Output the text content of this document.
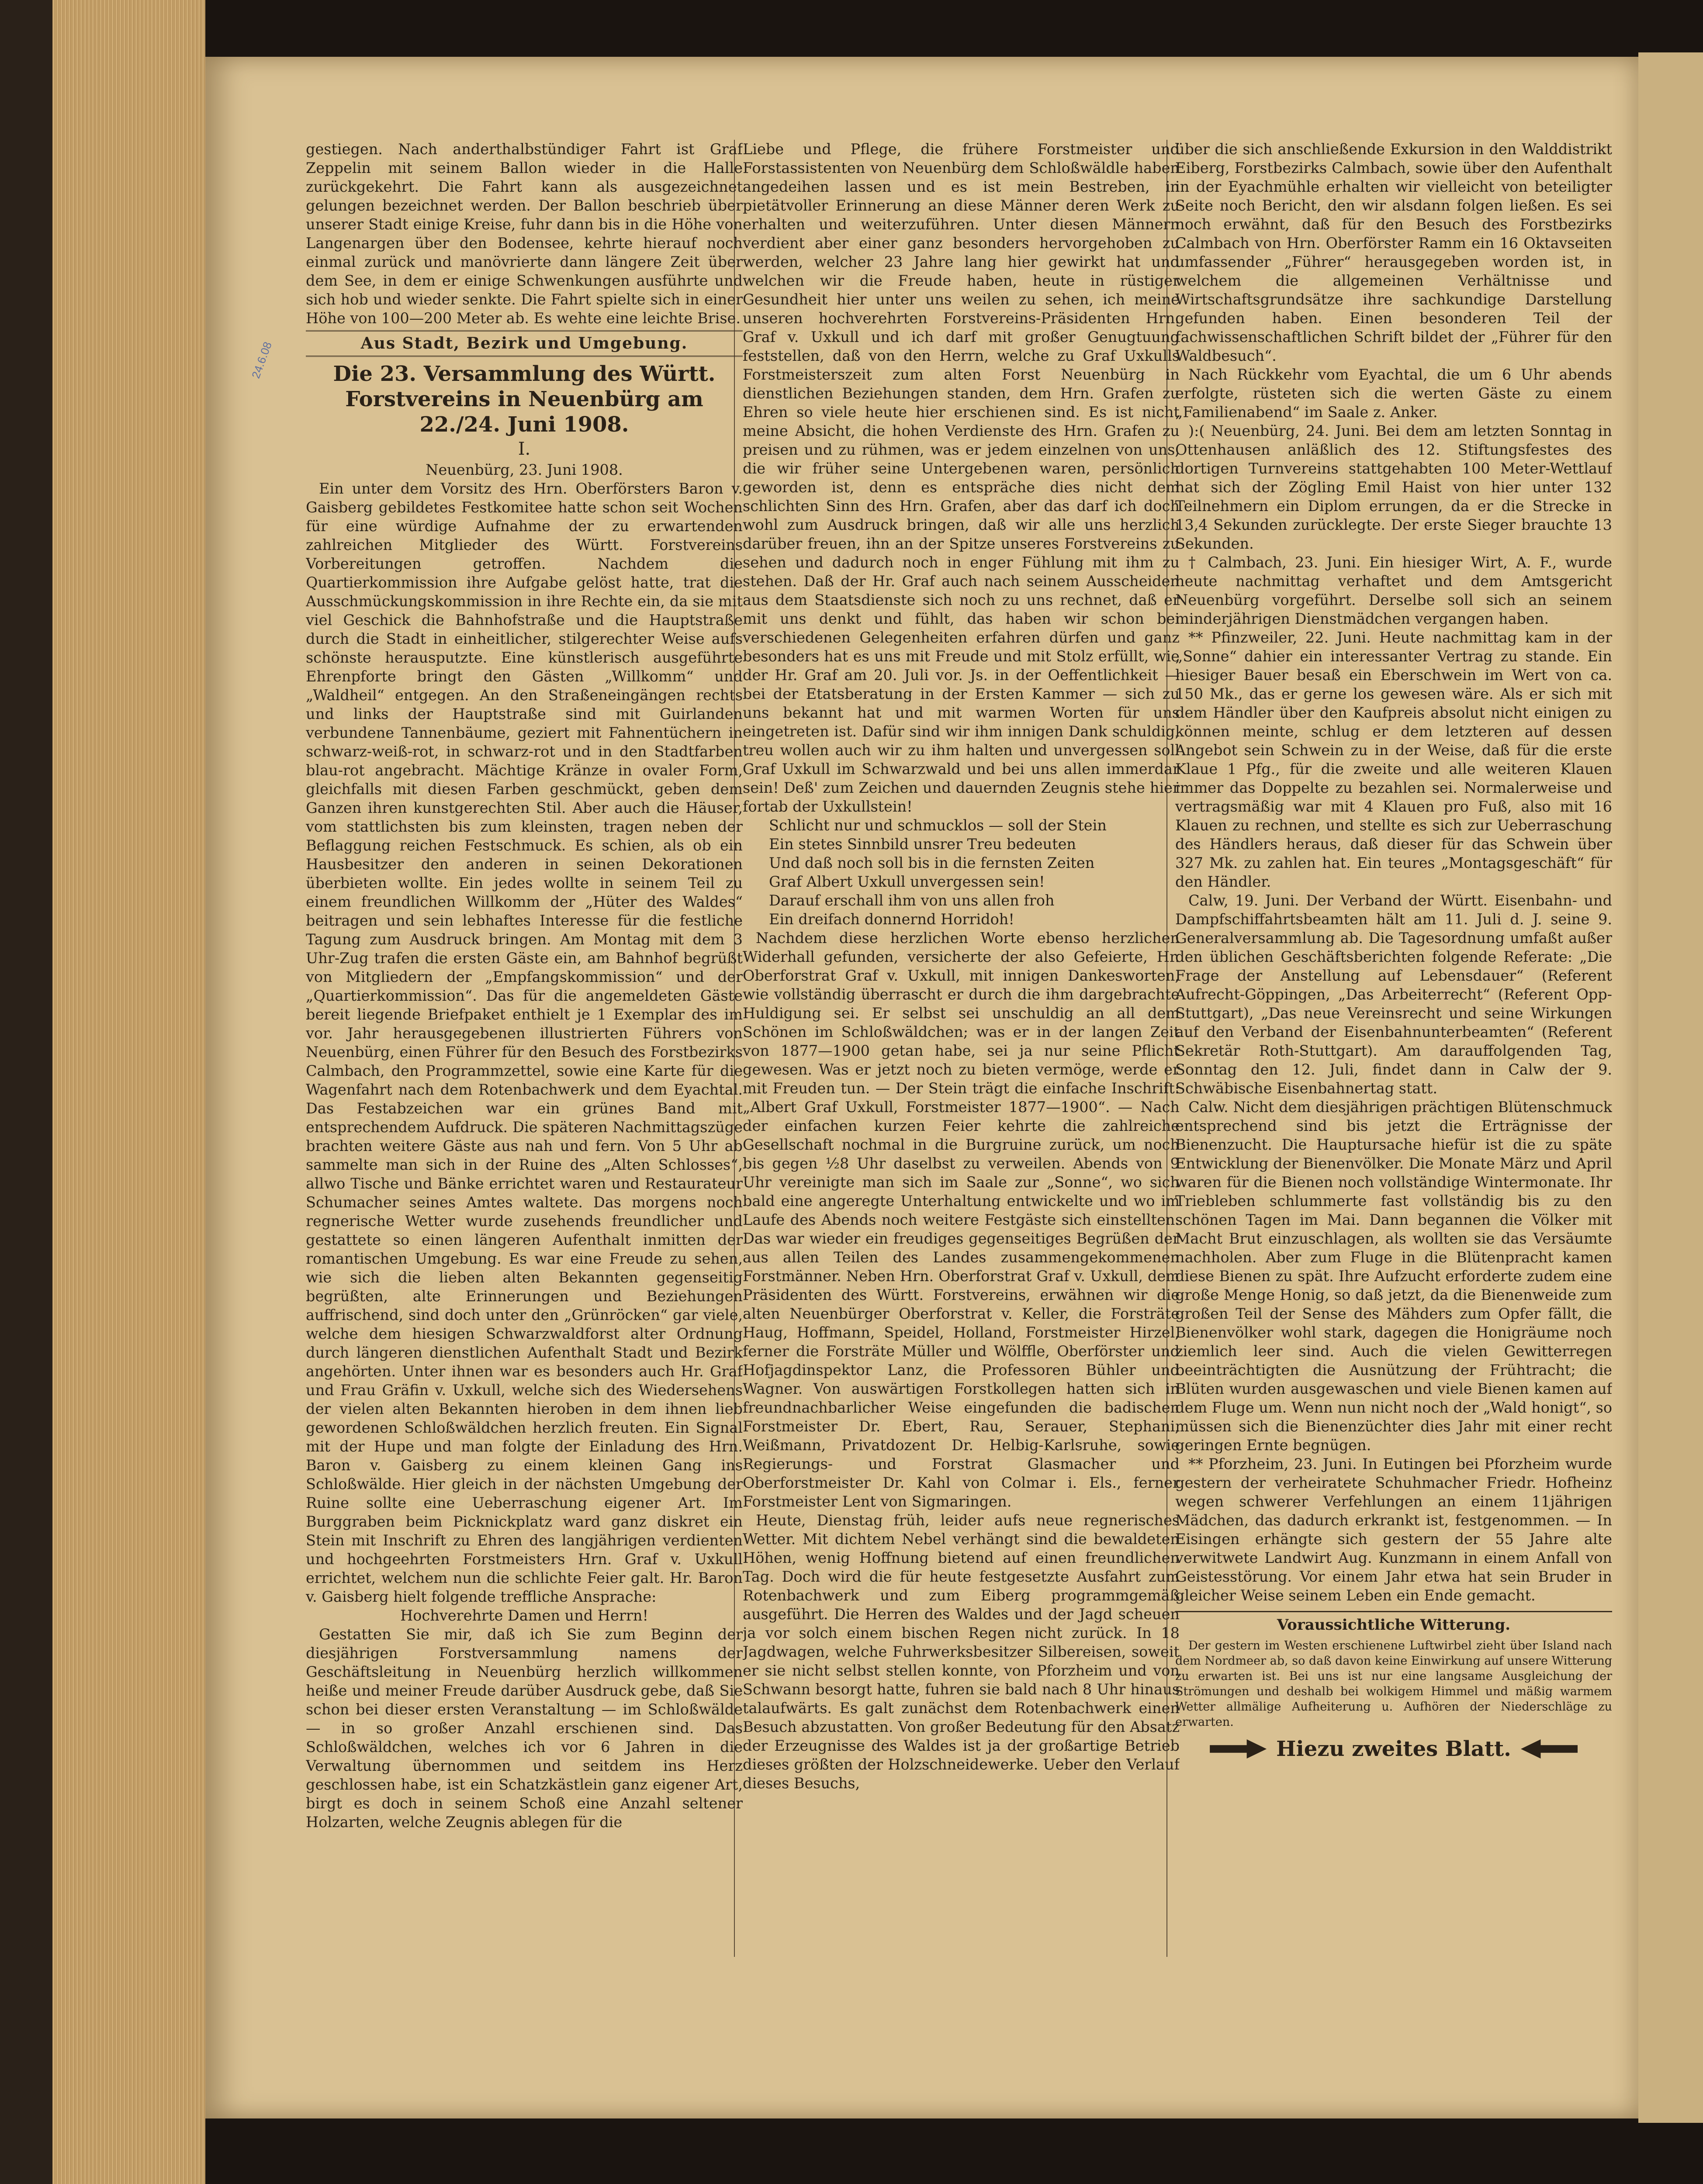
24.6.08

gestiegen. Nach anderthalbstündiger Fahrt ist Graf Zeppelin mit seinem Ballon wieder in die Halle zurückgekehrt. Die Fahrt kann als ausgezeichnet gelungen bezeichnet werden. Der Ballon beschrieb über unserer Stadt einige Kreise, fuhr dann bis in die Höhe von Langenargen über den Bodensee, kehrte hierauf noch einmal zurück und manövrierte dann längere Zeit über dem See, in dem er einige Schwenkungen ausführte und sich hob und wieder senkte. Die Fahrt spielte sich in einer Höhe von 100—200 Meter ab. Es wehte eine leichte Brise.

Aus Stadt, Bezirk und Umgebung.
Die 23. Versammlung des Württ. Forstvereins in Neuenbürg am 22./24. Juni 1908.
I.

Neuenbürg, 23. Juni 1908.

Ein unter dem Vorsitz des Hrn. Oberförsters Baron v. Gaisberg gebildetes Festkomitee hatte schon seit Wochen für eine würdige Aufnahme der zu erwartenden zahlreichen Mitglieder des Württ. Forstvereins Vorbereitungen getroffen. Nachdem die Quartierkommission ihre Aufgabe gelöst hatte, trat die Ausschmückungskommission in ihre Rechte ein, da sie mit viel Geschick die Bahnhofstraße und die Hauptstraße durch die Stadt in einheitlicher, stilgerechter Weise aufs schönste herausputzte. Eine künstlerisch ausgeführte Ehrenpforte bringt den Gästen „Willkomm“ und „Waldheil“ entgegen. An den Straßeneingängen rechts und links der Hauptstraße sind mit Guirlanden verbundene Tannenbäume, geziert mit Fahnentüchern in schwarz-weiß-rot, in schwarz-rot und in den Stadtfarben blau-rot angebracht. Mächtige Kränze in ovaler Form, gleichfalls mit diesen Farben geschmückt, geben dem Ganzen ihren kunstgerechten Stil. Aber auch die Häuser, vom stattlichsten bis zum kleinsten, tragen neben der Beflaggung reichen Festschmuck. Es schien, als ob ein Hausbesitzer den anderen in seinen Dekorationen überbieten wollte. Ein jedes wollte in seinem Teil zu einem freundlichen Willkomm der „Hüter des Waldes“ beitragen und sein lebhaftes Interesse für die festliche Tagung zum Ausdruck bringen. Am Montag mit dem 3 Uhr-Zug trafen die ersten Gäste ein, am Bahnhof begrüßt von Mitgliedern der „Empfangskommission“ und der „Quartierkommission“. Das für die angemeldeten Gäste bereit liegende Briefpaket enthielt je 1 Exemplar des im vor. Jahr herausgegebenen illustrierten Führers von Neuenbürg, einen Führer für den Besuch des Forstbezirks Calmbach, den Programmzettel, sowie eine Karte für die Wagenfahrt nach dem Rotenbachwerk und dem Eyachtal. Das Festabzeichen war ein grünes Band mit entsprechendem Aufdruck. Die späteren Nachmittagszüge brachten weitere Gäste aus nah und fern. Von 5 Uhr ab sammelte man sich in der Ruine des „Alten Schlosses“, allwo Tische und Bänke errichtet waren und Restaurateur Schumacher seines Amtes waltete. Das morgens noch regnerische Wetter wurde zusehends freundlicher und gestattete so einen längeren Aufenthalt inmitten der romantischen Umgebung. Es war eine Freude zu sehen, wie sich die lieben alten Bekannten gegenseitig begrüßten, alte Erinnerungen und Beziehungen auffrischend, sind doch unter den „Grünröcken“ gar viele, welche dem hiesigen Schwarzwaldforst alter Ordnung durch längeren dienstlichen Aufenthalt Stadt und Bezirk angehörten. Unter ihnen war es besonders auch Hr. Graf und Frau Gräfin v. Uxkull, welche sich des Wiedersehens der vielen alten Bekannten hieroben in dem ihnen lieb gewordenen Schloßwäldchen herzlich freuten. Ein Signal mit der Hupe und man folgte der Einladung des Hrn. Baron v. Gaisberg zu einem kleinen Gang ins Schloßwälde. Hier gleich in der nächsten Umgebung der Ruine sollte eine Ueberraschung eigener Art. Im Burggraben beim Picknickplatz ward ganz diskret ein Stein mit Inschrift zu Ehren des langjährigen verdienten und hochgeehrten Forstmeisters Hrn. Graf v. Uxkull errichtet, welchem nun die schlichte Feier galt. Hr. Baron v. Gaisberg hielt folgende treffliche Ansprache:

Hochverehrte Damen und Herrn!

Gestatten Sie mir, daß ich Sie zum Beginn der diesjährigen Forstversammlung namens der Geschäftsleitung in Neuenbürg herzlich willkommen heiße und meiner Freude darüber Ausdruck gebe, daß Sie schon bei dieser ersten Veranstaltung — im Schloßwälde — in so großer Anzahl erschienen sind. Das Schloßwäldchen, welches ich vor 6 Jahren in die Verwaltung übernommen und seitdem ins Herz geschlossen habe, ist ein Schatzkästlein ganz eigener Art, birgt es doch in seinem Schoß eine Anzahl seltener Holzarten, welche Zeugnis ablegen für die

Liebe und Pflege, die frühere Forstmeister und Forstassistenten von Neuenbürg dem Schloßwäldle haben angedeihen lassen und es ist mein Bestreben, in pietätvoller Erinnerung an diese Männer deren Werk zu erhalten und weiterzuführen. Unter diesen Männern verdient aber einer ganz besonders hervorgehoben zu werden, welcher 23 Jahre lang hier gewirkt hat und welchen wir die Freude haben, heute in rüstiger Gesundheit hier unter uns weilen zu sehen, ich meine unseren hochverehrten Forstvereins-Präsidenten Hrn. Graf v. Uxkull und ich darf mit großer Genugtuung feststellen, daß von den Herrn, welche zu Graf Uxkulls Forstmeisterszeit zum alten Forst Neuenbürg in dienstlichen Beziehungen standen, dem Hrn. Grafen zu Ehren so viele heute hier erschienen sind. Es ist nicht meine Absicht, die hohen Verdienste des Hrn. Grafen zu preisen und zu rühmen, was er jedem einzelnen von uns, die wir früher seine Untergebenen waren, persönlich geworden ist, denn es entspräche dies nicht dem schlichten Sinn des Hrn. Grafen, aber das darf ich doch wohl zum Ausdruck bringen, daß wir alle uns herzlich darüber freuen, ihn an der Spitze unseres Forstvereins zu sehen und dadurch noch in enger Fühlung mit ihm zu stehen. Daß der Hr. Graf auch nach seinem Ausscheiden aus dem Staatsdienste sich noch zu uns rechnet, daß er mit uns denkt und fühlt, das haben wir schon bei verschiedenen Gelegenheiten erfahren dürfen und ganz besonders hat es uns mit Freude und mit Stolz erfüllt, wie der Hr. Graf am 20. Juli vor. Js. in der Oeffentlichkeit — bei der Etatsberatung in der Ersten Kammer — sich zu uns bekannt hat und mit warmen Worten für uns eingetreten ist. Dafür sind wir ihm innigen Dank schuldig, treu wollen auch wir zu ihm halten und unvergessen soll Graf Uxkull im Schwarzwald und bei uns allen immerdar sein! Deß' zum Zeichen und dauernden Zeugnis stehe hier fortab der Uxkullstein!

Schlicht nur und schmucklos — soll der Stein

Ein stetes Sinnbild unsrer Treu bedeuten

Und daß noch soll bis in die fernsten Zeiten

Graf Albert Uxkull unvergessen sein!

Darauf erschall ihm von uns allen froh

Ein dreifach donnernd Horridoh!

Nachdem diese herzlichen Worte ebenso herzlichen Widerhall gefunden, versicherte der also Gefeierte, Hr. Oberforstrat Graf v. Uxkull, mit innigen Dankesworten, wie vollständig überrascht er durch die ihm dargebrachte Huldigung sei. Er selbst sei unschuldig an all dem Schönen im Schloßwäldchen; was er in der langen Zeit von 1877—1900 getan habe, sei ja nur seine Pflicht gewesen. Was er jetzt noch zu bieten vermöge, werde er mit Freuden tun. — Der Stein trägt die einfache Inschrift: „Albert Graf Uxkull, Forstmeister 1877—1900“. — Nach der einfachen kurzen Feier kehrte die zahlreiche Gesellschaft nochmal in die Burgruine zurück, um noch bis gegen ½8 Uhr daselbst zu verweilen. Abends von 9 Uhr vereinigte man sich im Saale zur „Sonne“, wo sich bald eine angeregte Unterhaltung entwickelte und wo im Laufe des Abends noch weitere Festgäste sich einstellten. Das war wieder ein freudiges gegenseitiges Begrüßen der aus allen Teilen des Landes zusammengekommenen Forstmänner. Neben Hrn. Oberforstrat Graf v. Uxkull, dem Präsidenten des Württ. Forstvereins, erwähnen wir die alten Neuenbürger Oberforstrat v. Keller, die Forsträte Haug, Hoffmann, Speidel, Holland, Forstmeister Hirzel, ferner die Forsträte Müller und Wölffle, Oberförster und Hofjagdinspektor Lanz, die Professoren Bühler und Wagner. Von auswärtigen Forstkollegen hatten sich in freundnachbarlicher Weise eingefunden die badischen Forstmeister Dr. Ebert, Rau, Serauer, Stephani, Weißmann, Privatdozent Dr. Helbig-Karlsruhe, sowie Regierungs- und Forstrat Glasmacher und Oberforstmeister Dr. Kahl von Colmar i. Els., ferner Forstmeister Lent von Sigmaringen.

Heute, Dienstag früh, leider aufs neue regnerisches Wetter. Mit dichtem Nebel verhängt sind die bewaldeten Höhen, wenig Hoffnung bietend auf einen freundlichen Tag. Doch wird die für heute festgesetzte Ausfahrt zum Rotenbachwerk und zum Eiberg programmgemäß ausgeführt. Die Herren des Waldes und der Jagd scheuen ja vor solch einem bischen Regen nicht zurück. In 18 Jagdwagen, welche Fuhrwerksbesitzer Silbereisen, soweit er sie nicht selbst stellen konnte, von Pforzheim und von Schwann besorgt hatte, fuhren sie bald nach 8 Uhr hinaus talaufwärts. Es galt zunächst dem Rotenbachwerk einen Besuch abzustatten. Von großer Bedeutung für den Absatz der Erzeugnisse des Waldes ist ja der großartige Betrieb dieses größten der Holzschneidewerke. Ueber den Verlauf dieses Besuchs,

über die sich anschließende Exkursion in den Walddistrikt Eiberg, Forstbezirks Calmbach, sowie über den Aufenthalt in der Eyachmühle erhalten wir vielleicht von beteiligter Seite noch Bericht, den wir alsdann folgen ließen. Es sei noch erwähnt, daß für den Besuch des Forstbezirks Calmbach von Hrn. Oberförster Ramm ein 16 Oktavseiten umfassender „Führer“ herausgegeben worden ist, in welchem die allgemeinen Verhältnisse und Wirtschaftsgrundsätze ihre sachkundige Darstellung gefunden haben. Einen besonderen Teil der fachwissenschaftlichen Schrift bildet der „Führer für den Waldbesuch“.

Nach Rückkehr vom Eyachtal, die um 6 Uhr abends erfolgte, rüsteten sich die werten Gäste zu einem „Familienabend“ im Saale z. Anker.

):( Neuenbürg, 24. Juni. Bei dem am letzten Sonntag in Ottenhausen anläßlich des 12. Stiftungsfestes des dortigen Turnvereins stattgehabten 100 Meter-Wettlauf hat sich der Zögling Emil Haist von hier unter 132 Teilnehmern ein Diplom errungen, da er die Strecke in 13,4 Sekunden zurücklegte. Der erste Sieger brauchte 13 Sekunden.

† Calmbach, 23. Juni. Ein hiesiger Wirt, A. F., wurde heute nachmittag verhaftet und dem Amtsgericht Neuenbürg vorgeführt. Derselbe soll sich an seinem minderjährigen Dienstmädchen vergangen haben.

** Pfinzweiler, 22. Juni. Heute nachmittag kam in der „Sonne“ dahier ein interessanter Vertrag zu stande. Ein hiesiger Bauer besaß ein Eberschwein im Wert von ca. 150 Mk., das er gerne los gewesen wäre. Als er sich mit dem Händler über den Kaufpreis absolut nicht einigen zu können meinte, schlug er dem letzteren auf dessen Angebot sein Schwein zu in der Weise, daß für die erste Klaue 1 Pfg., für die zweite und alle weiteren Klauen immer das Doppelte zu bezahlen sei. Normalerweise und vertragsmäßig war mit 4 Klauen pro Fuß, also mit 16 Klauen zu rechnen, und stellte es sich zur Ueberraschung des Händlers heraus, daß dieser für das Schwein über 327 Mk. zu zahlen hat. Ein teures „Montagsgeschäft“ für den Händler.

Calw, 19. Juni. Der Verband der Württ. Eisenbahn- und Dampfschiffahrtsbeamten hält am 11. Juli d. J. seine 9. Generalversammlung ab. Die Tagesordnung umfaßt außer den üblichen Geschäftsberichten folgende Referate: „Die Frage der Anstellung auf Lebensdauer“ (Referent Aufrecht-Göppingen, „Das Arbeiterrecht“ (Referent Opp-Stuttgart), „Das neue Vereinsrecht und seine Wirkungen auf den Verband der Eisenbahnunterbeamten“ (Referent Sekretär Roth-Stuttgart). Am darauffolgenden Tag, Sonntag den 12. Juli, findet dann in Calw der 9. Schwäbische Eisenbahnertag statt.

Calw. Nicht dem diesjährigen prächtigen Blütenschmuck entsprechend sind bis jetzt die Erträgnisse der Bienenzucht. Die Hauptursache hiefür ist die zu späte Entwicklung der Bienenvölker. Die Monate März und April waren für die Bienen noch vollständige Wintermonate. Ihr Triebleben schlummerte fast vollständig bis zu den schönen Tagen im Mai. Dann begannen die Völker mit Macht Brut einzuschlagen, als wollten sie das Versäumte nachholen. Aber zum Fluge in die Blütenpracht kamen diese Bienen zu spät. Ihre Aufzucht erforderte zudem eine große Menge Honig, so daß jetzt, da die Bienenweide zum großen Teil der Sense des Mähders zum Opfer fällt, die Bienenvölker wohl stark, dagegen die Honigräume noch ziemlich leer sind. Auch die vielen Gewitterregen beeinträchtigten die Ausnützung der Frühtracht; die Blüten wurden ausgewaschen und viele Bienen kamen auf dem Fluge um. Wenn nun nicht noch der „Wald honigt“, so müssen sich die Bienenzüchter dies Jahr mit einer recht geringen Ernte begnügen.

** Pforzheim, 23. Juni. In Eutingen bei Pforzheim wurde gestern der verheiratete Schuhmacher Friedr. Hofheinz wegen schwerer Verfehlungen an einem 11jährigen Mädchen, das dadurch erkrankt ist, festgenommen. — In Eisingen erhängte sich gestern der 55 Jahre alte verwitwete Landwirt Aug. Kunzmann in einem Anfall von Geistesstörung. Vor einem Jahr etwa hat sein Bruder in gleicher Weise seinem Leben ein Ende gemacht.

Voraussichtliche Witterung.

Der gestern im Westen erschienene Luftwirbel zieht über Island nach dem Nordmeer ab, so daß davon keine Einwirkung auf unsere Witterung zu erwarten ist. Bei uns ist nur eine langsame Ausgleichung der Strömungen und deshalb bei wolkigem Himmel und mäßig warmem Wetter allmälige Aufheiterung u. Aufhören der Niederschläge zu erwarten.

Hiezu zweites Blatt.
